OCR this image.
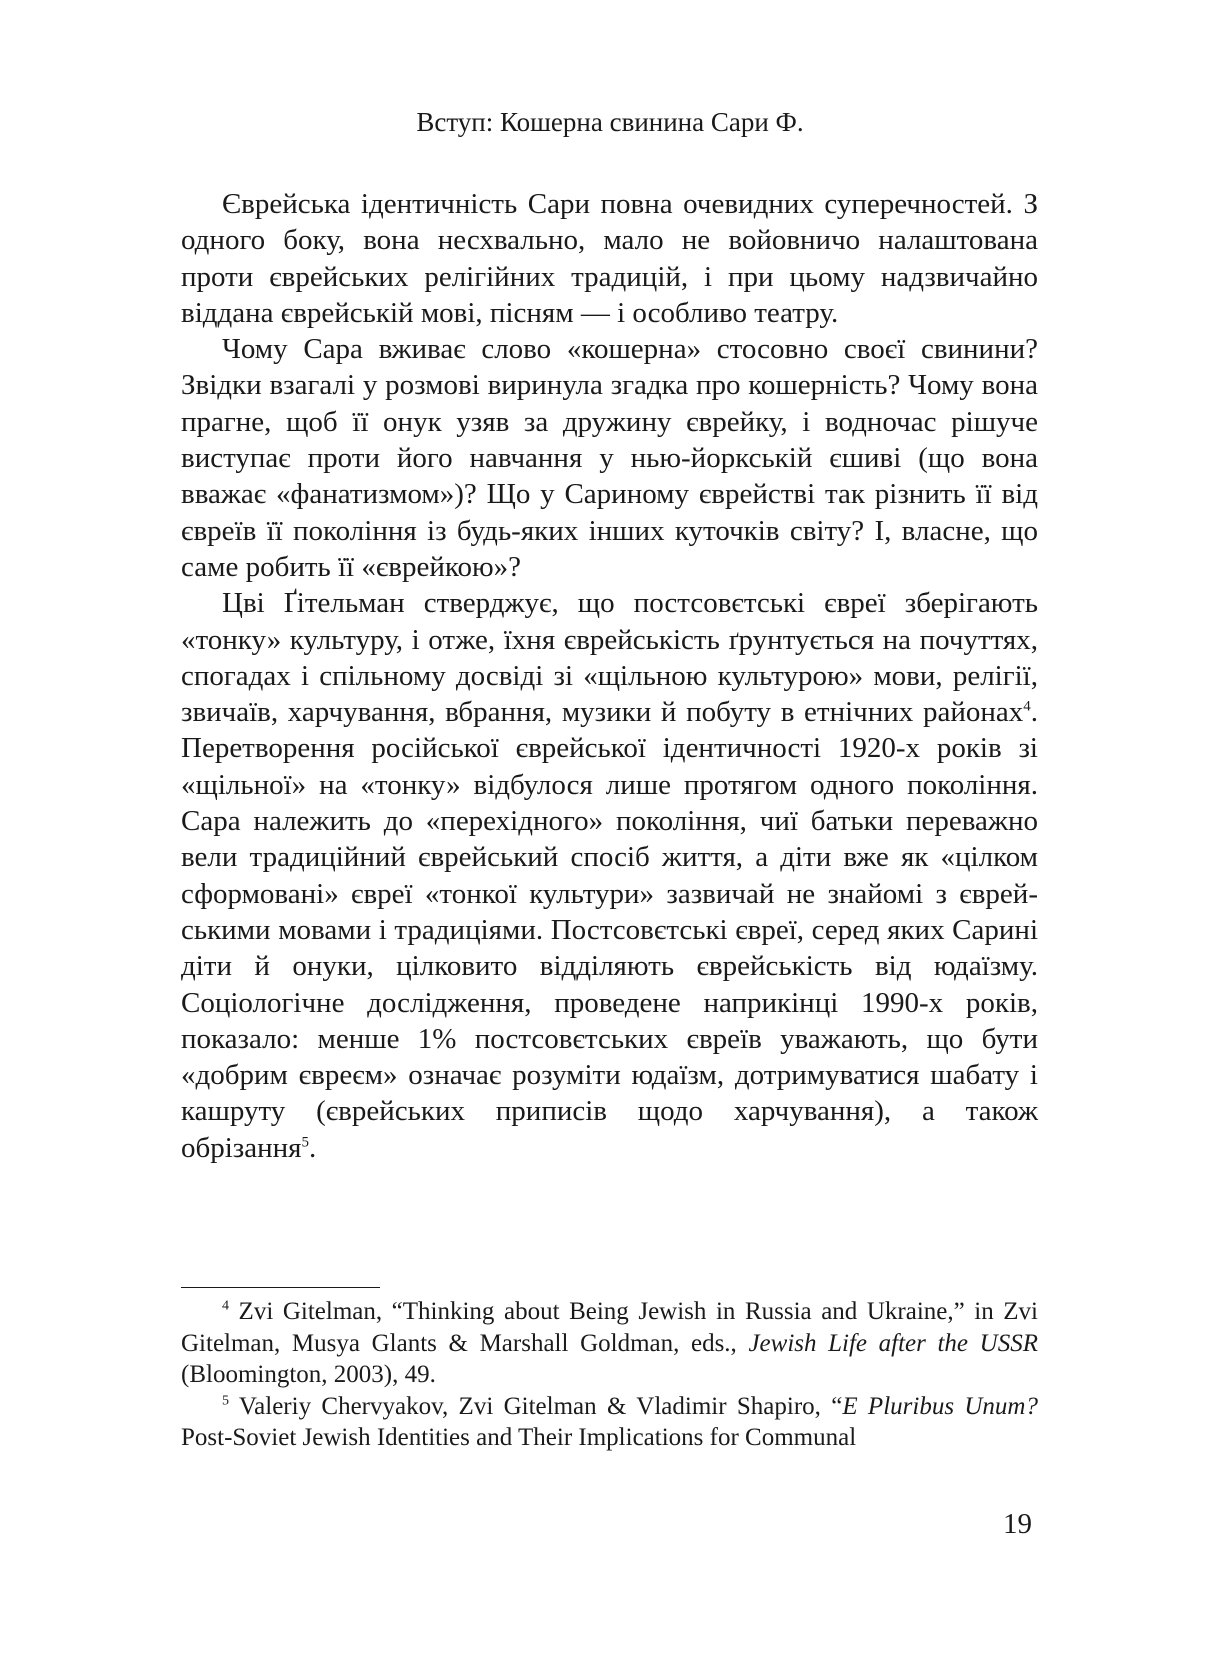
Вступ: Кошерна свинина Сари Ф.

Єврейська ідентичність Сари повна очевидних суперечностей. З одного боку, вона несхвально, мало не войовничо налаштована проти єврейських релігійних традицій, і при цьому надзвичайно віддана єврейській мові, пісням — і особливо театру.

Чому Сара вживає слово «кошерна» стосовно своєї свинини? Звідки взагалі у розмові виринула згадка про кошерність? Чому вона прагне, щоб її онук узяв за дружину єврейку, і водночас рішуче виступає проти його навчання у нью-йоркській єшиві (що вона вважає «фанатизмом»)? Що у Сариному єврействі так різнить її від євреїв її покоління із будь-яких інших куточків світу? І, власне, що саме робить її «єврейкою»?

Цві Ґітельман стверджує, що постсовєтські євреї зберігають «тонку» культуру, і отже, їхня єврейськість ґрунтується на почуттях, спогадах і спільному досвіді зі «щільною культурою» мови, релігії, звичаїв, харчування, вбрання, музики й побуту в етнічних районах$^4$. Перетворення російської єврейської ідентичності 1920-х років зі «щільної» на «тонку» відбулося лише протягом одного покоління. Сара належить до «перехідного» покоління, чиї батьки переважно вели традиційний єврейський спосіб життя, а діти вже як «цілком сформовані» євреї «тонкої культури» зазвичай не знайомі з єврейськими мовами і традиціями. Постсовєтські євреї, серед яких Сарині діти й онуки, цілковито відділяють єврейськість від юдаїзму. Соціологічне дослідження, проведене наприкінці 1990-х років, показало: менше 1% постсовєтських євреїв уважають, що бути «добрим євреєм» означає розуміти юдаїзм, дотримуватися шабату і кашруту (єврейських приписів щодо харчування), а також обрізання$^5$.

$^4$ Zvi Gitelman, “Thinking about Being Jewish in Russia and Ukraine,” in Zvi Gitelman, Musya Glants & Marshall Goldman, eds., Jewish Life after the USSR (Bloomington, 2003), 49.

$^5$ Valeriy Chervyakov, Zvi Gitelman & Vladimir Shapiro, “E Pluribus Unum? Post-Soviet Jewish Identities and Their Implications for Communal

19
